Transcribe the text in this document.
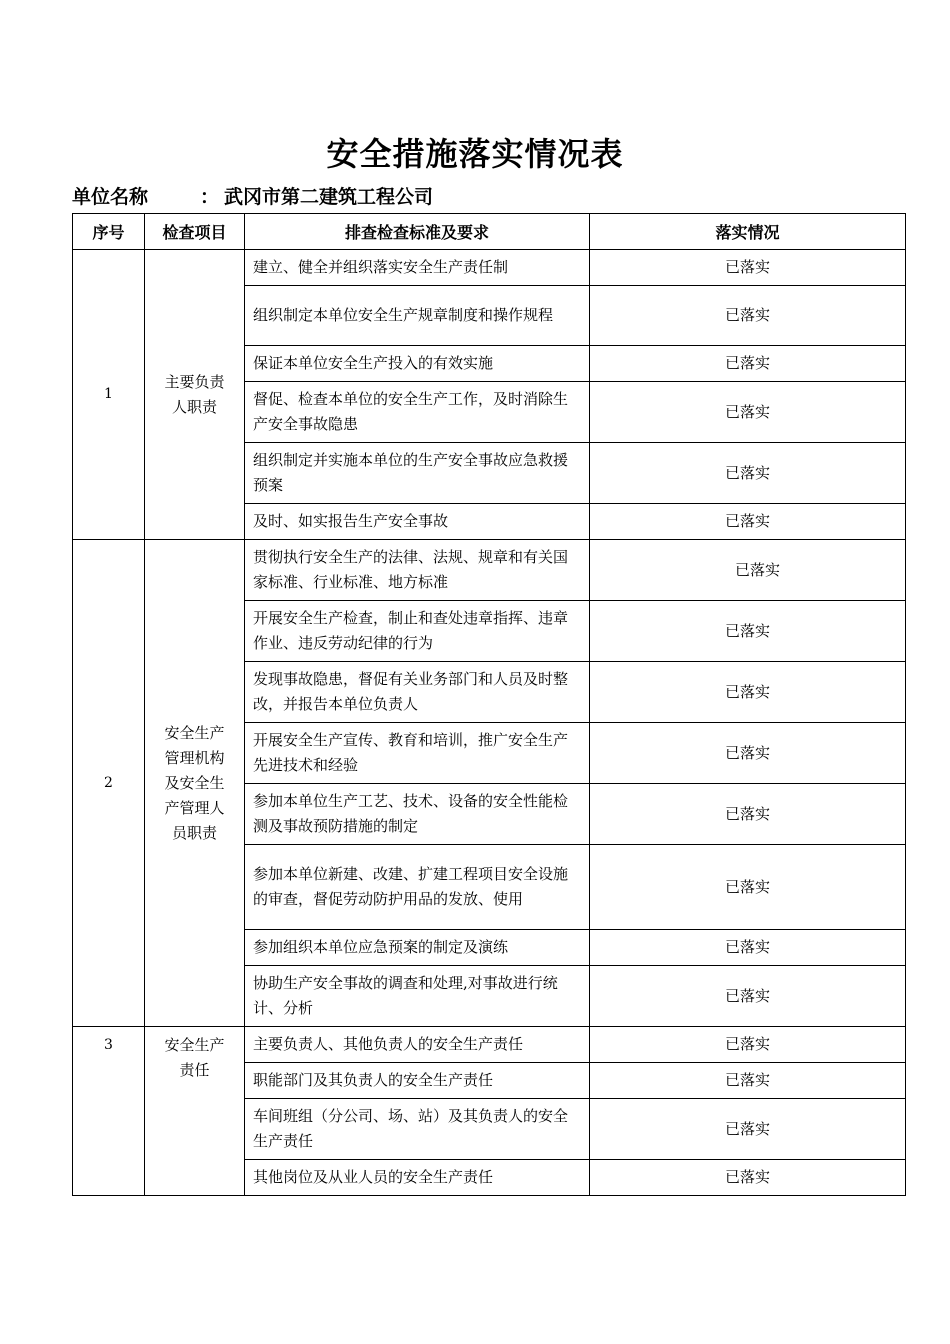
安全措施落实情况表
单位名称	： 武冈市第二建筑工程公司
序号	检查项目	排查检查标准及要求	落实情况
1	主要负责人职责	建立、健全并组织落实安全生产责任制	已落实
		组织制定本单位安全生产规章制度和操作规程	已落实
		保证本单位安全生产投入的有效实施	已落实
		督促、检查本单位的安全生产工作，及时消除生产安全事故隐患	已落实
		组织制定并实施本单位的生产安全事故应急救援预案	已落实
		及时、如实报告生产安全事故	已落实
2	安全生产管理机构及安全生产管理人员职责	贯彻执行安全生产的法律、法规、规章和有关国家标准、行业标准、地方标准	已落实
		开展安全生产检查，制止和查处违章指挥、违章作业、违反劳动纪律的行为	已落实
		发现事故隐患，督促有关业务部门和人员及时整改，并报告本单位负责人	已落实
		开展安全生产宣传、教育和培训，推广安全生产先进技术和经验	已落实
		参加本单位生产工艺、技术、设备的安全性能检测及事故预防措施的制定	已落实
		参加本单位新建、改建、扩建工程项目安全设施的审查，督促劳动防护用品的发放、使用	已落实
		参加组织本单位应急预案的制定及演练	已落实
		协助生产安全事故的调查和处理,对事故进行统计、分析	已落实
3	安全生产责任	主要负责人、其他负责人的安全生产责任	已落实
		职能部门及其负责人的安全生产责任	已落实
		车间班组（分公司、场、站）及其负责人的安全生产责任	已落实
		其他岗位及从业人员的安全生产责任	已落实
